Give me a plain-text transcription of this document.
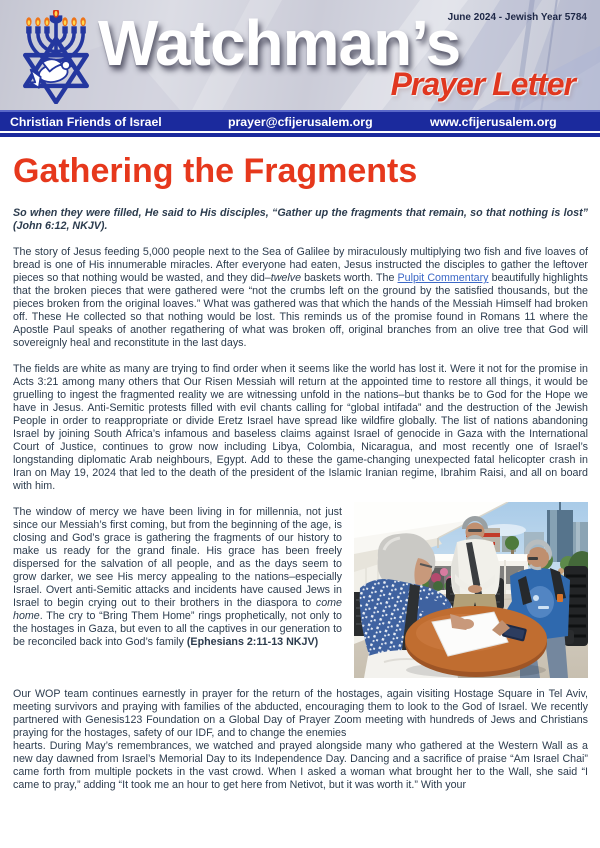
June 2024 - Jewish Year 5784
Watchman’s
Prayer Letter
Christian Friends of Israel	prayer@cfijerusalem.org	www.cfijerusalem.org
Gathering the Fragments

So when they were filled, He said to His disciples, “Gather up the fragments that remain, so that nothing is lost” (John 6:12, NKJV).

The story of Jesus feeding 5,000 people next to the Sea of Galilee by miraculously multiplying two fish and five loaves of bread is one of His innumerable miracles. After everyone had eaten, Jesus instructed the disciples to gather the leftover pieces so that nothing would be wasted, and they did–twelve baskets worth. The Pulpit Commentary beautifully highlights that the broken pieces that were gathered were “not the crumbs left on the ground by the satisfied thousands, but the pieces broken from the original loaves.” What was gathered was that which the hands of the Messiah Himself had broken off. These He collected so that nothing would be lost. This reminds us of the promise found in Romans 11 where the Apostle Paul speaks of another regathering of what was broken off, original branches from an olive tree that God will sovereignly heal and reconstitute in the last days.

The fields are white as many are trying to find order when it seems like the world has lost it. Were it not for the promise in Acts 3:21 among many others that Our Risen Messiah will return at the appointed time to restore all things, it would be gruelling to ingest the fragmented reality we are witnessing unfold in the nations–but thanks be to God for the Hope we have in Jesus. Anti-Semitic protests filled with evil chants calling for “global intifada” and the destruction of the Jewish People in order to reappropriate or divide Eretz Israel have spread like wildfire globally. The list of nations abandoning Israel by joining South Africa’s infamous and baseless claims against Israel of genocide in Gaza with the International Court of Justice, continues to grow now including Libya, Colombia, Nicaragua, and most recently one of Israel’s longstanding diplomatic Arab neighbours, Egypt. Add to these the game-changing unexpected fatal helicopter crash in Iran on May 19, 2024 that led to the death of the president of the Islamic Iranian regime, Ibrahim Raisi, and all on board with him.

The window of mercy we have been living in for millennia, not just since our Messiah’s first coming, but from the beginning of the age, is closing and God’s grace is gathering the fragments of our history to make us ready for the grand finale. His grace has been freely dispersed for the salvation of all people, and as the days seem to grow darker, we see His mercy appealing to the nations–especially Israel. Overt anti-Semitic attacks and incidents have caused Jews in Israel to begin crying out to their brothers in the diaspora to come home. The cry to “Bring Them Home” rings prophetically, not only to the hostages in Gaza, but even to all the captives in our generation to be reconciled back into God’s family (Ephesians 2:11-13 NKJV)

Our WOP team continues earnestly in prayer for the return of the hostages, again visiting Hostage Square in Tel Aviv, meeting survivors and praying with families of the abducted, encouraging them to look to the God of Israel. We recently partnered with Genesis123 Foundation on a Global Day of Prayer Zoom meeting with hundreds of Jews and Christians praying for the hostages, safety of our IDF, and to change the enemies
hearts. During May’s remembrances, we watched and prayed alongside many who gathered at the Western Wall as a new day dawned from Israel’s Memorial Day to its Independence Day. Dancing and a sacrifice of praise “Am Israel Chai” came forth from multiple pockets in the vast crowd. When I asked a woman what brought her to the Wall, she said “I came to pray,” adding “It took me an hour to get here from Netivot, but it was worth it.” With your
